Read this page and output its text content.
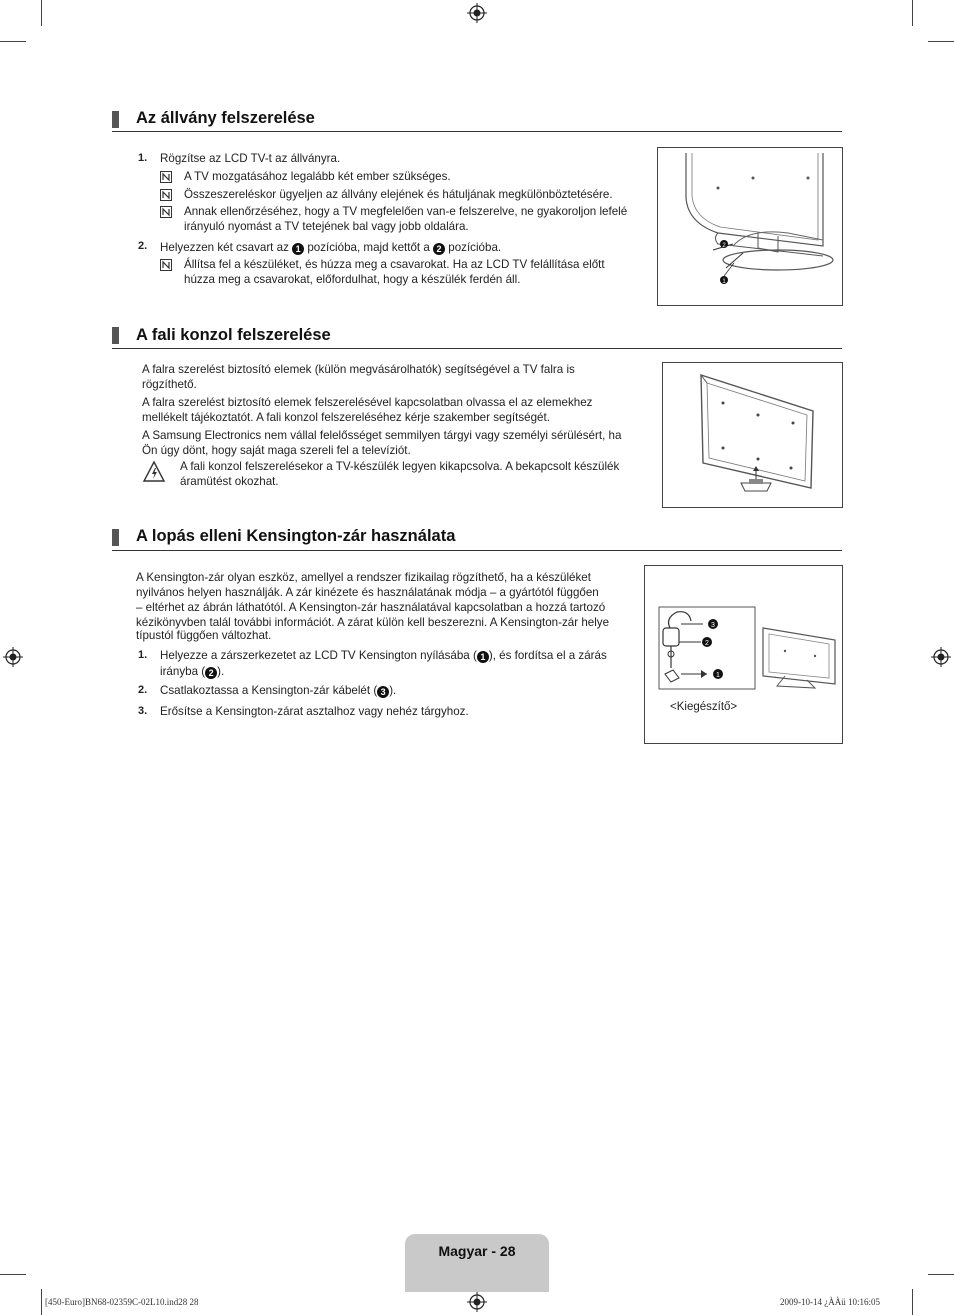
Az állvány felszerelése
1. Rögzítse az LCD TV-t az állványra.
A TV mozgatásához legalább két ember szükséges.
Összeszereléskor ügyeljen az állvány elejének és hátuljának megkülönböztetésére.
Annak ellenőrzéséhez, hogy a TV megfelelően van-e felszerelve, ne gyakoroljon lefelé
irányuló nyomást a TV tetejének bal vagy jobb oldalára.
2. Helyezzen két csavart az 1 pozícióba, majd kettőt a 2 pozícióba.
Állítsa fel a készüléket, és húzza meg a csavarokat. Ha az LCD TV felállítása előtt
húzza meg a csavarokat, előfordulhat, hogy a készülék ferdén áll.
2
1
A fali konzol felszerelése
A falra szerelést biztosító elemek (külön megvásárolhatók) segítségével a TV falra is
rögzíthető.
A falra szerelést biztosító elemek felszerelésével kapcsolatban olvassa el az elemekhez
mellékelt tájékoztatót. A fali konzol felszereléséhez kérje szakember segítségét.
A Samsung Electronics nem vállal felelősséget semmilyen tárgyi vagy személyi sérülésért, ha
Ön úgy dönt, hogy saját maga szereli fel a televíziót.
A fali konzol felszerelésekor a TV-készülék legyen kikapcsolva. A bekapcsolt készülék
áramütést okozhat.
A lopás elleni Kensington-zár használata
A Kensington-zár olyan eszköz, amellyel a rendszer fizikailag rögzíthető, ha a készüléket
nyilvános helyen használják. A zár kinézete és használatának módja – a gyártótól függően
– eltérhet az ábrán láthatótól. A Kensington-zár használatával kapcsolatban a hozzá tartozó
kézikönyvben talál további információt. A zárat külön kell beszerezni. A Kensington-zár helye
típustól függően változhat.
1. Helyezze a zárszerkezetet az LCD TV Kensington nyílásába ( 1 ), és fordítsa el a zárás
irányba ( 2 ).
2. Csatlakoztassa a Kensington-zár kábelét ( 3 ).
3. Erősítse a Kensington-zárat asztalhoz vagy nehéz tárgyhoz.
3
2
1
<Kiegészítő>
Magyar - 28
[450-Euro]BN68-02359C-02L10.ind28 28	2009-10-14 ¿ÀÀü 10:16:05
